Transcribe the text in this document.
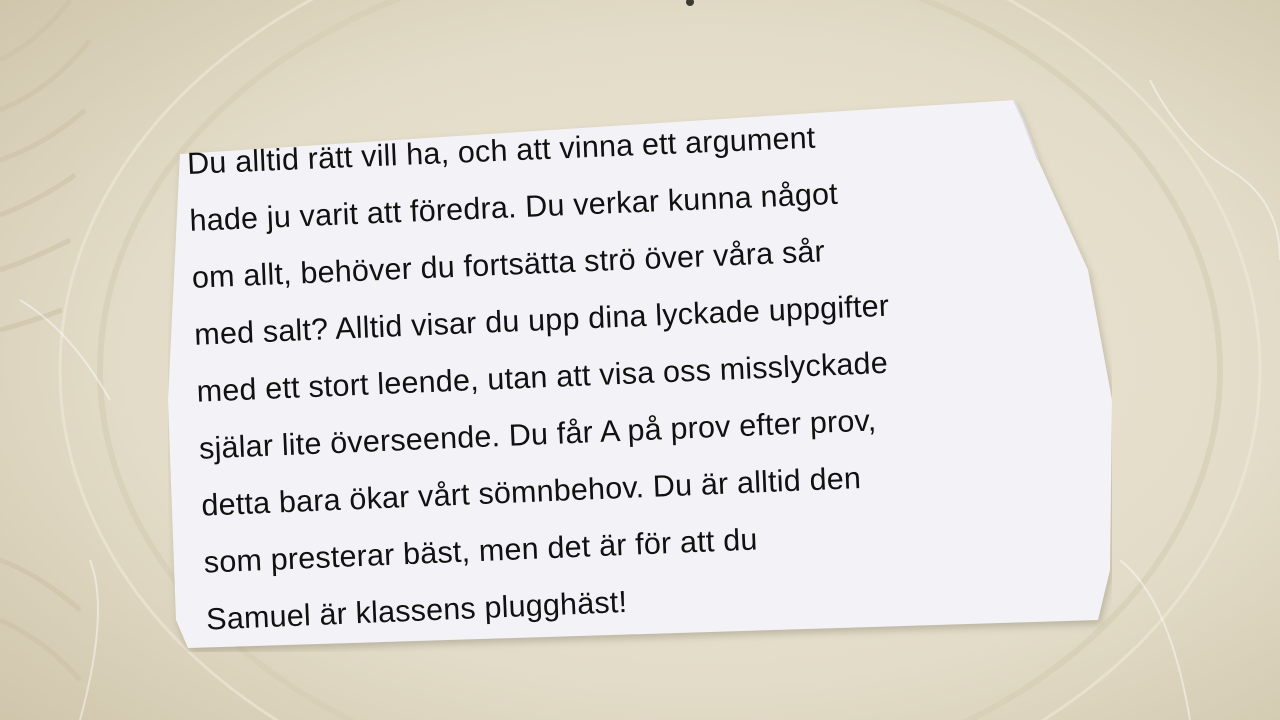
Du alltid rätt vill ha, och att vinna ett argument
hade ju varit att föredra. Du verkar kunna något
om allt, behöver du fortsätta strö över våra sår
med salt? Alltid visar du upp dina lyckade uppgifter
med ett stort leende, utan att visa oss misslyckade
själar lite överseende. Du får A på prov efter prov,
detta bara ökar vårt sömnbehov. Du är alltid den
som presterar bäst, men det är för att du
Samuel är klassens plugghäst!
